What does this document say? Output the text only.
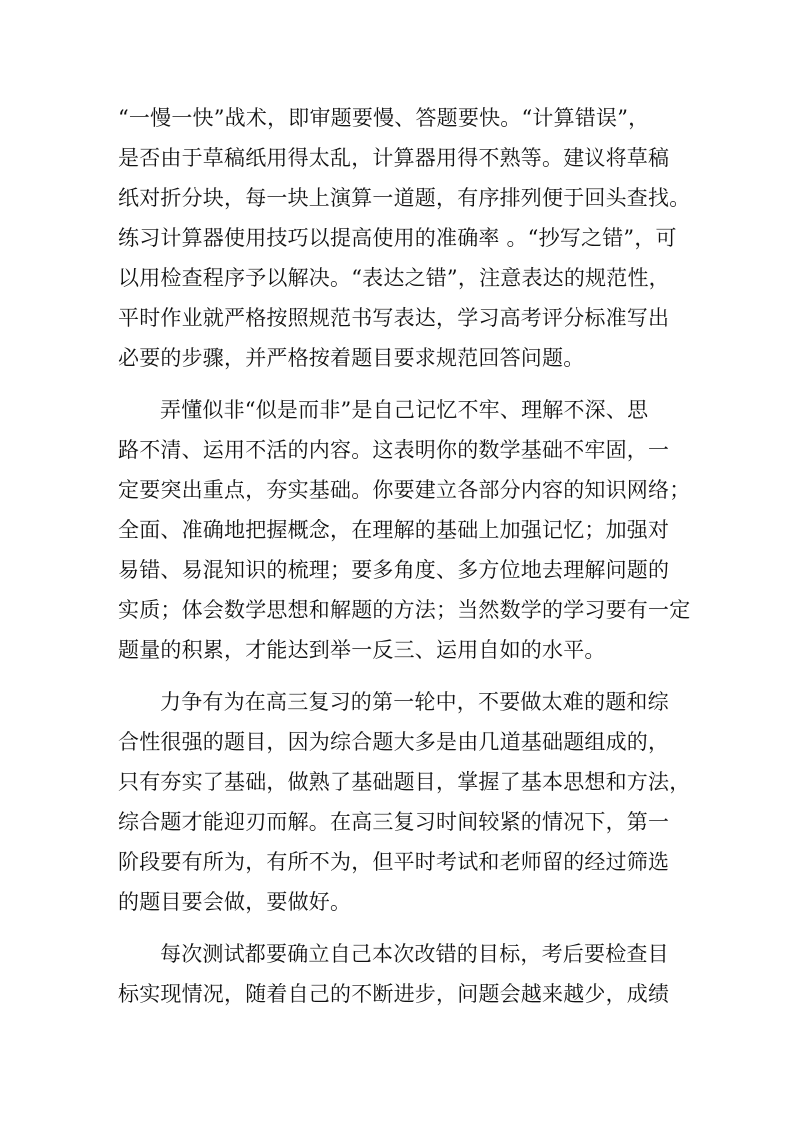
“一慢一快”战术，即审题要慢、答题要快。“计算错误”，
是否由于草稿纸用得太乱，计算器用得不熟等。建议将草稿
纸对折分块，每一块上演算一道题，有序排列便于回头查找。
练习计算器使用技巧以提高使用的准确率 。“抄写之错”，可
以用检查程序予以解决。“表达之错”，注意表达的规范性，
平时作业就严格按照规范书写表达，学习高考评分标准写出
必要的步骤，并严格按着题目要求规范回答问题。
弄懂似非“似是而非”是自己记忆不牢、理解不深、思
路不清、运用不活的内容。这表明你的数学基础不牢固，一
定要突出重点，夯实基础。你要建立各部分内容的知识网络；
全面、准确地把握概念，在理解的基础上加强记忆；加强对
易错、易混知识的梳理；要多角度、多方位地去理解问题的
实质；体会数学思想和解题的方法；当然数学的学习要有一定
题量的积累，才能达到举一反三、运用自如的水平。
力争有为在高三复习的第一轮中，不要做太难的题和综
合性很强的题目，因为综合题大多是由几道基础题组成的，
只有夯实了基础，做熟了基础题目，掌握了基本思想和方法，
综合题才能迎刃而解。在高三复习时间较紧的情况下，第一
阶段要有所为，有所不为，但平时考试和老师留的经过筛选
的题目要会做，要做好。
每次测试都要确立自己本次改错的目标，考后要检查目
标实现情况，随着自己的不断进步，问题会越来越少，成绩
